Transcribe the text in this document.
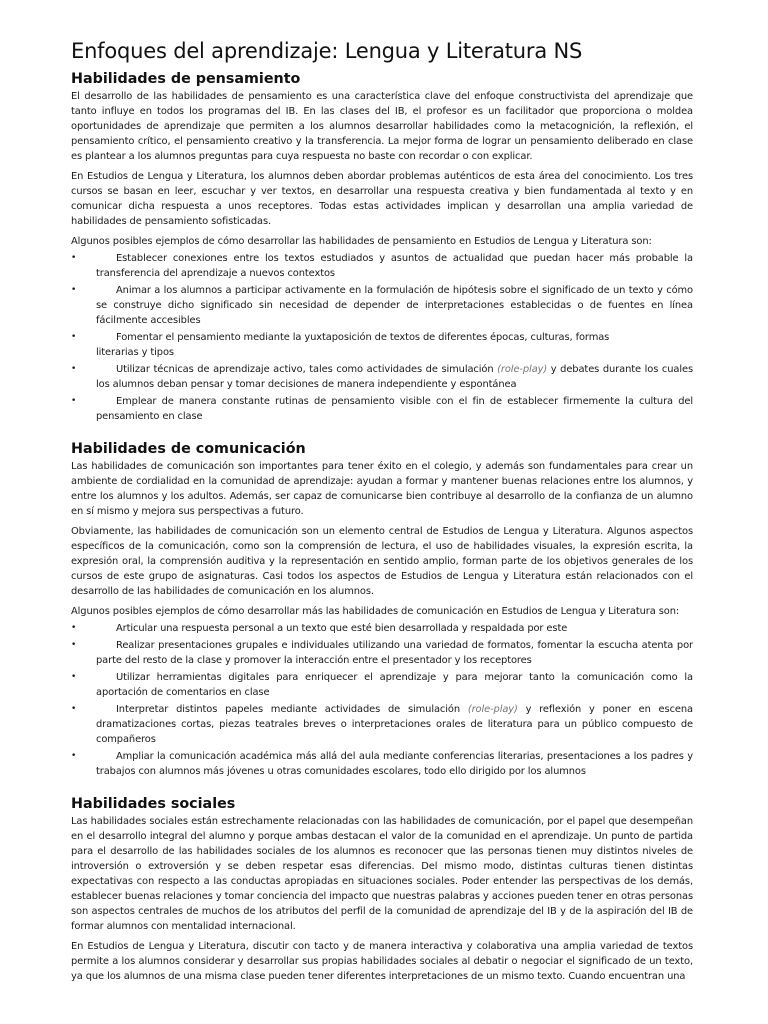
Enfoques del aprendizaje: Lengua y Literatura NS
Habilidades de pensamiento

El desarrollo de las habilidades de pensamiento es una característica clave del enfoque constructivista del aprendizaje que tanto influye en todos los programas del IB. En las clases del IB, el profesor es un facilitador que proporciona o moldea oportunidades de aprendizaje que permiten a los alumnos desarrollar habilidades como la metacognición, la reflexión, el pensamiento crítico, el pensamiento creativo y la transferencia. La mejor forma de lograr un pensamiento deliberado en clase es plantear a los alumnos preguntas para cuya respuesta no baste con recordar o con explicar.

En Estudios de Lengua y Literatura, los alumnos deben abordar problemas auténticos de esta área del conocimiento. Los tres cursos se basan en leer, escuchar y ver textos, en desarrollar una respuesta creativa y bien fundamentada al texto y en comunicar dicha respuesta a unos receptores. Todas estas actividades implican y desarrollan una amplia variedad de habilidades de pensamiento sofisticadas.

Algunos posibles ejemplos de cómo desarrollar las habilidades de pensamiento en Estudios de Lengua y Literatura son:

•	Establecer conexiones entre los textos estudiados y asuntos de actualidad que puedan hacer más probable la transferencia del aprendizaje a nuevos contextos
•	Animar a los alumnos a participar activamente en la formulación de hipótesis sobre el significado de un texto y cómo se construye dicho significado sin necesidad de depender de interpretaciones establecidas o de fuentes en línea fácilmente accesibles
•	Fomentar el pensamiento mediante la yuxtaposición de textos de diferentes épocas, culturas, formas
literarias y tipos
•	Utilizar técnicas de aprendizaje activo, tales como actividades de simulación (role-play) y debates durante los cuales los alumnos deban pensar y tomar decisiones de manera independiente y espontánea
•	Emplear de manera constante rutinas de pensamiento visible con el fin de establecer firmemente la cultura del pensamiento en clase
Habilidades de comunicación

Las habilidades de comunicación son importantes para tener éxito en el colegio, y además son fundamentales para crear un ambiente de cordialidad en la comunidad de aprendizaje: ayudan a formar y mantener buenas relaciones entre los alumnos, y entre los alumnos y los adultos. Además, ser capaz de comunicarse bien contribuye al desarrollo de la confianza de un alumno en sí mismo y mejora sus perspectivas a futuro.

Obviamente, las habilidades de comunicación son un elemento central de Estudios de Lengua y Literatura. Algunos aspectos específicos de la comunicación, como son la comprensión de lectura, el uso de habilidades visuales, la expresión escrita, la expresión oral, la comprensión auditiva y la representación en sentido amplio, forman parte de los objetivos generales de los cursos de este grupo de asignaturas. Casi todos los aspectos de Estudios de Lengua y Literatura están relacionados con el desarrollo de las habilidades de comunicación en los alumnos.

Algunos posibles ejemplos de cómo desarrollar más las habilidades de comunicación en Estudios de Lengua y Literatura son:

•	Articular una respuesta personal a un texto que esté bien desarrollada y respaldada por este
•	Realizar presentaciones grupales e individuales utilizando una variedad de formatos, fomentar la escucha atenta por parte del resto de la clase y promover la interacción entre el presentador y los receptores
•	Utilizar herramientas digitales para enriquecer el aprendizaje y para mejorar tanto la comunicación como la aportación de comentarios en clase
•	Interpretar distintos papeles mediante actividades de simulación (role-play) y reflexión y poner en escena dramatizaciones cortas, piezas teatrales breves o interpretaciones orales de literatura para un público compuesto de compañeros
•	Ampliar la comunicación académica más allá del aula mediante conferencias literarias, presentaciones a los padres y trabajos con alumnos más jóvenes u otras comunidades escolares, todo ello dirigido por los alumnos
Habilidades sociales

Las habilidades sociales están estrechamente relacionadas con las habilidades de comunicación, por el papel que desempeñan en el desarrollo integral del alumno y porque ambas destacan el valor de la comunidad en el aprendizaje. Un punto de partida para el desarrollo de las habilidades sociales de los alumnos es reconocer que las personas tienen muy distintos niveles de introversión o extroversión y se deben respetar esas diferencias. Del mismo modo, distintas culturas tienen distintas expectativas con respecto a las conductas apropiadas en situaciones sociales. Poder entender las perspectivas de los demás, establecer buenas relaciones y tomar conciencia del impacto que nuestras palabras y acciones pueden tener en otras personas son aspectos centrales de muchos de los atributos del perfil de la comunidad de aprendizaje del IB y de la aspiración del IB de formar alumnos con mentalidad internacional.

En Estudios de Lengua y Literatura, discutir con tacto y de manera interactiva y colaborativa una amplia variedad de textos permite a los alumnos considerar y desarrollar sus propias habilidades sociales al debatir o negociar el significado de un texto, ya que los alumnos de una misma clase pueden tener diferentes interpretaciones de un mismo texto. Cuando encuentran una
